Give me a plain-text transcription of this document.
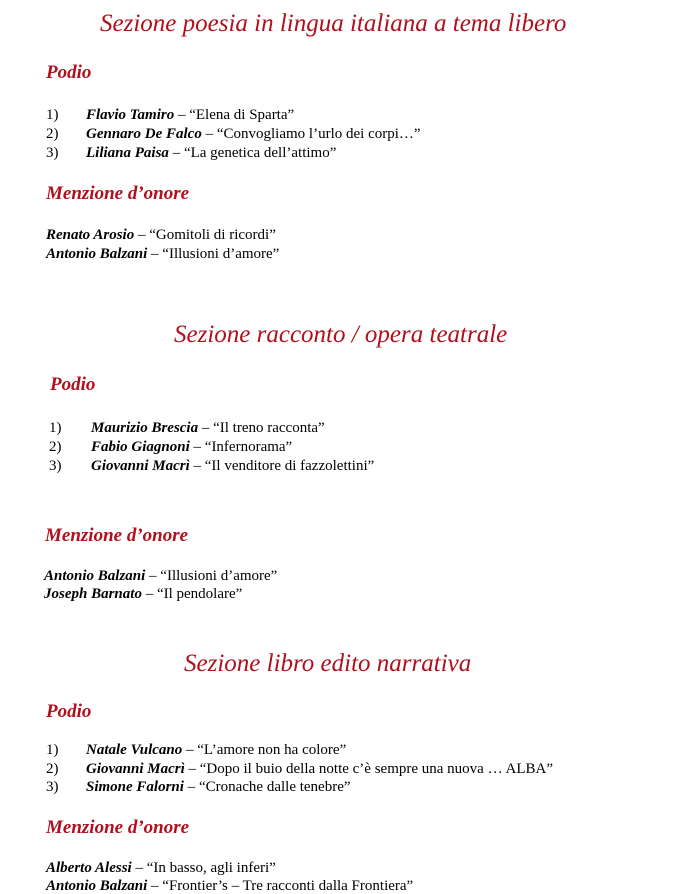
Sezione poesia in lingua italiana a tema libero
Podio
1) Flavio Tamiro – “Elena di Sparta”
2) Gennaro De Falco – “Convogliamo l’urlo dei corpi…”
3) Liliana Paisa – “La genetica dell’attimo”
Menzione d’onore
Renato Arosio – “Gomitoli di ricordi”
Antonio Balzani – “Illusioni d’amore”
Sezione racconto / opera teatrale
Podio
1) Maurizio Brescia – “Il treno racconta”
2) Fabio Giagnoni – “Infernorama”
3) Giovanni Macrì – “Il venditore di fazzolettini”
Menzione d’onore
Antonio Balzani – “Illusioni d’amore”
Joseph Barnato – “Il pendolare”
Sezione libro edito narrativa
Podio
1) Natale Vulcano – “L’amore non ha colore”
2) Giovanni Macrì – “Dopo il buio della notte c’è sempre una nuova … ALBA”
3) Simone Falorni – “Cronache dalle tenebre”
Menzione d’onore
Alberto Alessi – “In basso, agli inferi”
Antonio Balzani – “Frontier’s – Tre racconti dalla Frontiera”
